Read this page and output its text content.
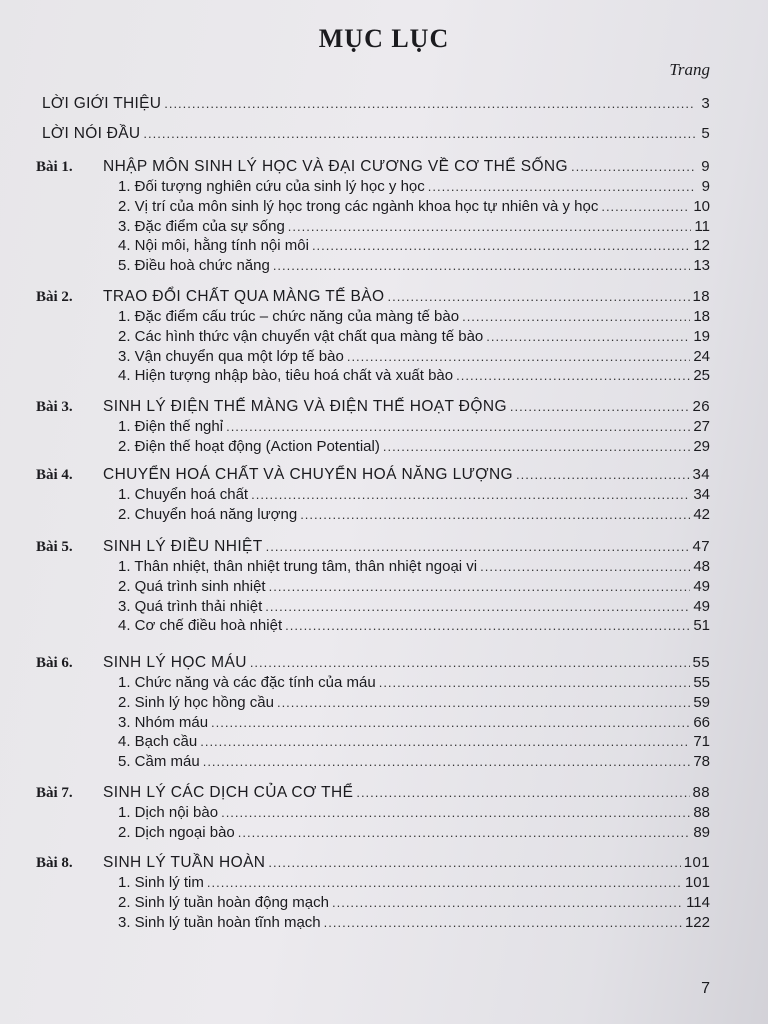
MỤC LỤC
Trang
LỜI GIỚI THIỆU .....	3
LỜI NÓI ĐẦU .....	5
Bài 1. NHẬP MÔN SINH LÝ HỌC VÀ ĐẠI CƯƠNG VỀ CƠ THỂ SỐNG .....	9
1. Đối tượng nghiên cứu của sinh lý học y học .....	9
2. Vị trí của môn sinh lý học trong các ngành khoa học tự nhiên và y học .....	10
3. Đặc điểm của sự sống .....	11
4. Nội môi, hằng tính nội môi .....	12
5. Điều hoà chức năng .....	13
Bài 2. TRAO ĐỔI CHẤT QUA MÀNG TẾ BÀO .....	18
1. Đặc điểm cấu trúc – chức năng của màng tế bào .....	18
2. Các hình thức vận chuyển vật chất qua màng tế bào .....	19
3. Vận chuyển qua một lớp tế bào .....	24
4. Hiện tượng nhập bào, tiêu hoá chất và xuất bào .....	25
Bài 3. SINH LÝ ĐIỆN THẾ MÀNG VÀ ĐIỆN THẾ HOẠT ĐỘNG .....	26
1. Điện thế nghỉ .....	27
2. Điện thế hoạt động (Action Potential) .....	29
Bài 4. CHUYỂN HOÁ CHẤT VÀ CHUYỂN HOÁ NĂNG LƯỢNG .....	34
1. Chuyển hoá chất .....	34
2. Chuyển hoá năng lượng .....	42
Bài 5. SINH LÝ ĐIỀU NHIỆT .....	47
1. Thân nhiệt, thân nhiệt trung tâm, thân nhiệt ngoại vi .....	48
2. Quá trình sinh nhiệt .....	49
3. Quá trình thải nhiệt .....	49
4. Cơ chế điều hoà nhiệt .....	51
Bài 6. SINH LÝ HỌC MÁU .....	55
1. Chức năng và các đặc tính của máu .....	55
2. Sinh lý học hồng cầu .....	59
3. Nhóm máu .....	66
4. Bạch cầu .....	71
5. Cầm máu .....	78
Bài 7. SINH LÝ CÁC DỊCH CỦA CƠ THỂ .....	88
1. Dịch nội bào .....	88
2. Dịch ngoại bào .....	89
Bài 8. SINH LÝ TUẦN HOÀN .....	101
1. Sinh lý tim .....	101
2. Sinh lý tuần hoàn động mạch .....	114
3. Sinh lý tuần hoàn tĩnh mạch .....	122
7
